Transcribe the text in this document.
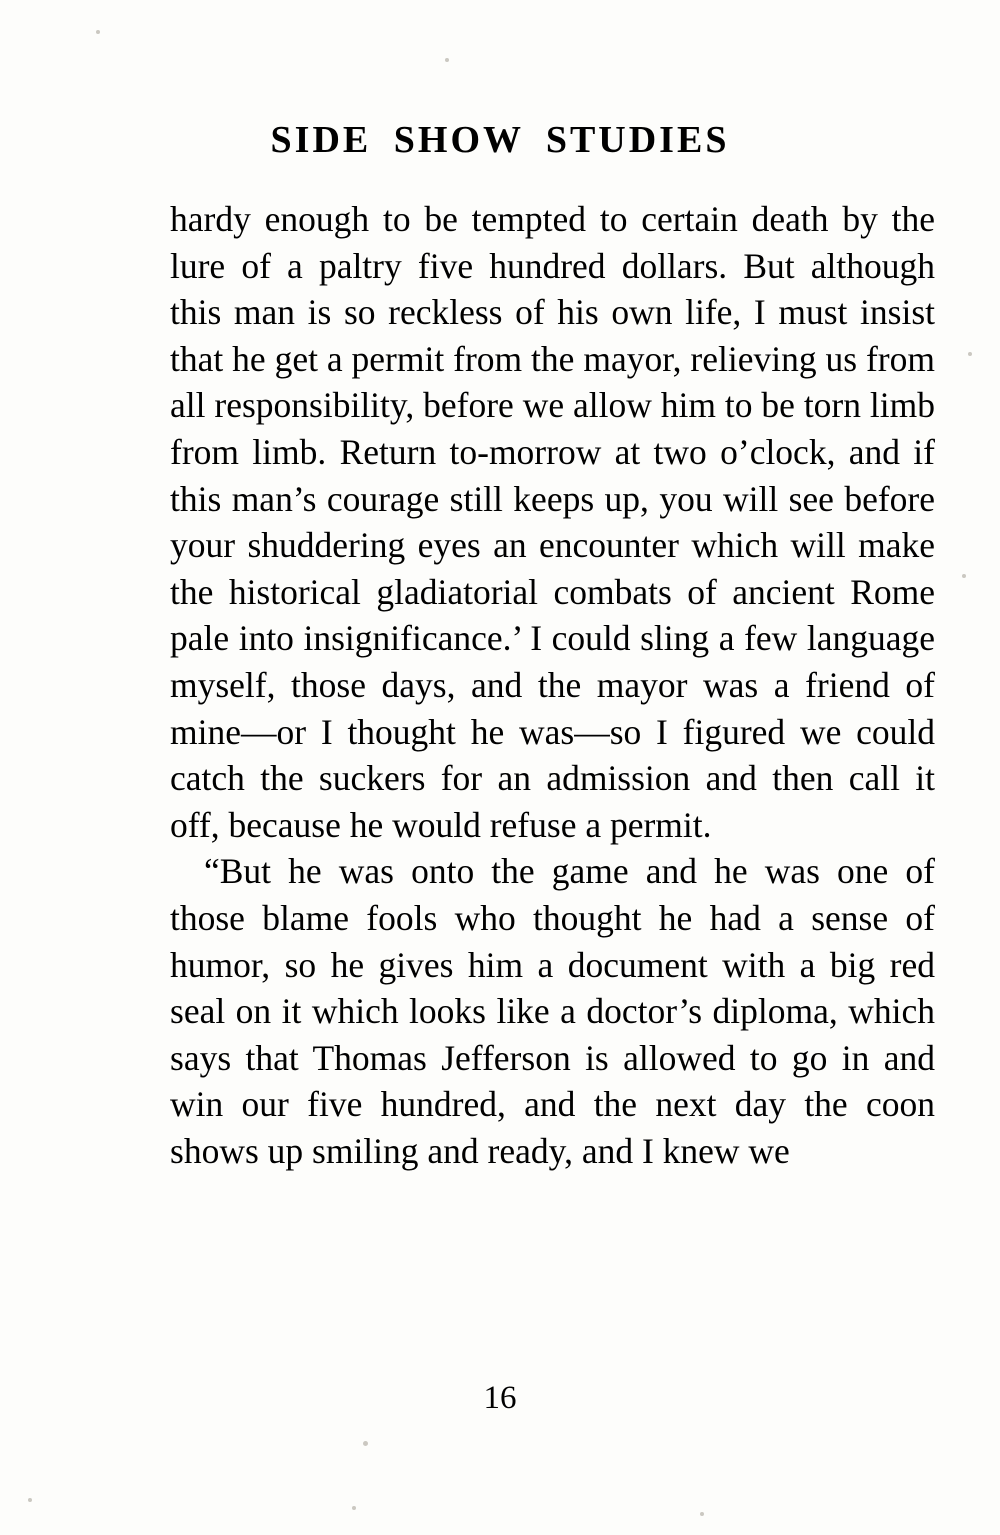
SIDE SHOW STUDIES

hardy enough to be tempted to certain death by the lure of a paltry five hundred dollars. But although this man is so reckless of his own life, I must insist that he get a permit from the mayor, relieving us from all responsibility, before we allow him to be torn limb from limb. Return to-morrow at two o’clock, and if this man’s courage still keeps up, you will see before your shuddering eyes an encounter which will make the historical gladiatorial combats of ancient Rome pale into insignificance.’ I could sling a few language myself, those days, and the mayor was a friend of mine—or I thought he was—so I figured we could catch the suckers for an admission and then call it off, because he would refuse a permit.

“But he was onto the game and he was one of those blame fools who thought he had a sense of humor, so he gives him a document with a big red seal on it which looks like a doctor’s diploma, which says that Thomas Jefferson is allowed to go in and win our five hundred, and the next day the coon shows up smiling and ready, and I knew we

16
